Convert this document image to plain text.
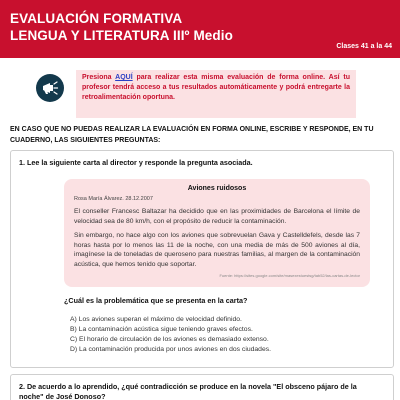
EVALUACIÓN FORMATIVA
LENGUA Y LITERATURA IIIº Medio
Clases 41 a la 44

Presiona AQUÍ para realizar esta misma evaluación de forma online. Así tu profesor tendrá acceso a tus resultados automáticamente y podrá entregarte la retroalimentación oportuna.

EN CASO QUE NO PUEDAS REALIZAR LA EVALUACIÓN EN FORMA ONLINE, ESCRIBE Y RESPONDE, EN TU CUADERNO, LAS SIGUIENTES PREGUNTAS:
1. Lee la siguiente carta al director y responde la pregunta asociada.
Aviones ruidosos
Rosa María Álvarez. 28.12.2007

El conseller Francesc Baltazar ha decidido que en las proximidades de Barcelona el límite de velocidad sea de 80 km/h, con el propósito de reducir la contaminación.

Sin embargo, no hace algo con los aviones que sobrevuelan Gava y Castelldefels, desde las 7 horas hasta por lo menos las 11 de la noche, con una media de más de 500 aviones al día, imagínese la de toneladas de queroseno para nuestras familias, al margen de la contaminación acústica, que hemos tenido que soportar.

Fuente: https://sites.google.com/site/masexestuestsg/tab52/las-cartas-de-lector
¿Cuál es la problemática que se presenta en la carta?
A) Los aviones superan el máximo de velocidad definido.
B) La contaminación acústica sigue teniendo graves efectos.
C) El horario de circulación de los aviones es demasiado extenso.
D) La contaminación producida por unos aviones en dos ciudades.
2. De acuerdo a lo aprendido, ¿qué contradicción se produce en la novela "El obsceno pájaro de la noche" de José Donoso?
